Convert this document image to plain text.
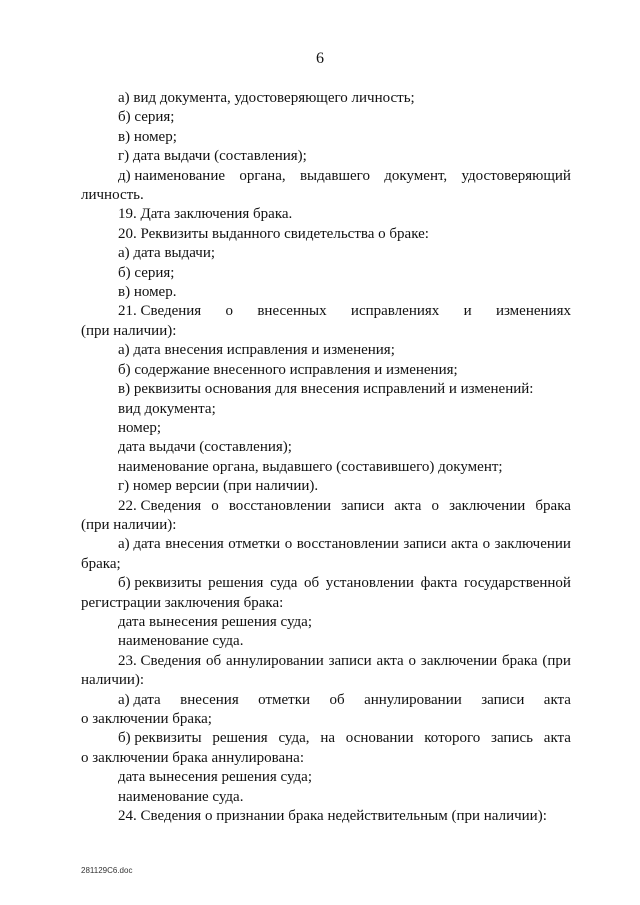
6
а) вид документа, удостоверяющего личность;
б) серия;
в) номер;
г) дата выдачи (составления);
д) наименование органа, выдавшего документ, удостоверяющий
личность.
19. Дата заключения брака.
20. Реквизиты выданного свидетельства о браке:
а) дата выдачи;
б) серия;
в) номер.
21. Сведения о внесенных исправлениях и изменениях
(при наличии):
а) дата внесения исправления и изменения;
б) содержание внесенного исправления и изменения;
в) реквизиты основания для внесения исправлений и изменений:
вид документа;
номер;
дата выдачи (составления);
наименование органа, выдавшего (составившего) документ;
г) номер версии (при наличии).
22. Сведения о восстановлении записи акта о заключении брака
(при наличии):
а) дата внесения отметки о восстановлении записи акта о заключении
брака;
б) реквизиты решения суда об установлении факта государственной
регистрации заключения брака:
дата вынесения решения суда;
наименование суда.
23. Сведения об аннулировании записи акта о заключении брака (при
наличии):
а) дата внесения отметки об аннулировании записи акта
о заключении брака;
б) реквизиты решения суда, на основании которого запись акта
о заключении брака аннулирована:
дата вынесения решения суда;
наименование суда.
24. Сведения о признании брака недействительным (при наличии):
281129С6.doc
